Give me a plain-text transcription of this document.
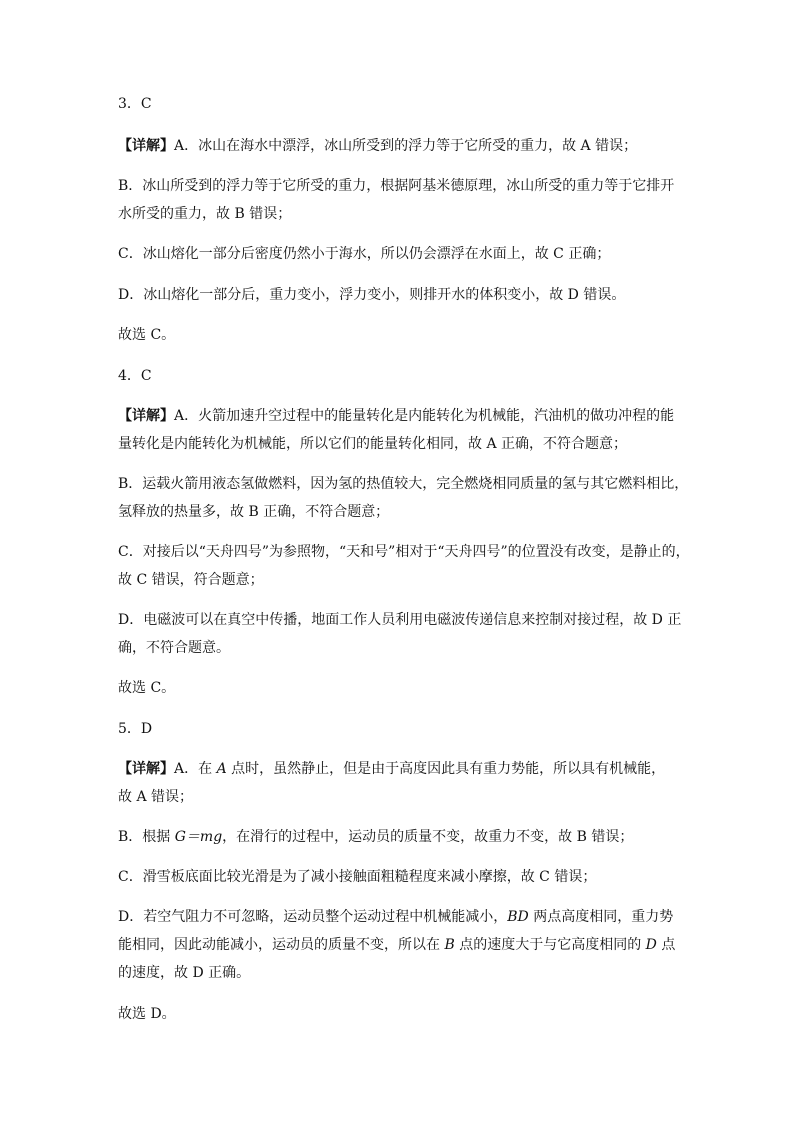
3．C

【详解】A．冰山在海水中漂浮，冰山所受到的浮力等于它所受的重力，故 A 错误；

B．冰山所受到的浮力等于它所受的重力，根据阿基米德原理，冰山所受的重力等于它排开
水所受的重力，故 B 错误；

C．冰山熔化一部分后密度仍然小于海水，所以仍会漂浮在水面上，故 C 正确；

D．冰山熔化一部分后，重力变小，浮力变小，则排开水的体积变小，故 D 错误。

故选 C。

4．C

【详解】A．火箭加速升空过程中的能量转化是内能转化为机械能，汽油机的做功冲程的能
量转化是内能转化为机械能，所以它们的能量转化相同，故 A 正确，不符合题意；

B．运载火箭用液态氢做燃料，因为氢的热值较大，完全燃烧相同质量的氢与其它燃料相比，
氢释放的热量多，故 B 正确，不符合题意；

C．对接后以“天舟四号”为参照物，“天和号”相对于“天舟四号”的位置没有改变，是静止的，
故 C 错误，符合题意；

D．电磁波可以在真空中传播，地面工作人员利用电磁波传递信息来控制对接过程，故 D 正
确，不符合题意。

故选 C。

5．D

【详解】A．在 A 点时，虽然静止，但是由于高度因此具有重力势能，所以具有机械能，
故 A 错误；

B．根据 G＝mg，在滑行的过程中，运动员的质量不变，故重力不变，故 B 错误；

C．滑雪板底面比较光滑是为了减小接触面粗糙程度来减小摩擦，故 C 错误；

D．若空气阻力不可忽略，运动员整个运动过程中机械能减小，BD 两点高度相同，重力势
能相同，因此动能减小，运动员的质量不变，所以在 B 点的速度大于与它高度相同的 D 点
的速度，故 D 正确。

故选 D。
